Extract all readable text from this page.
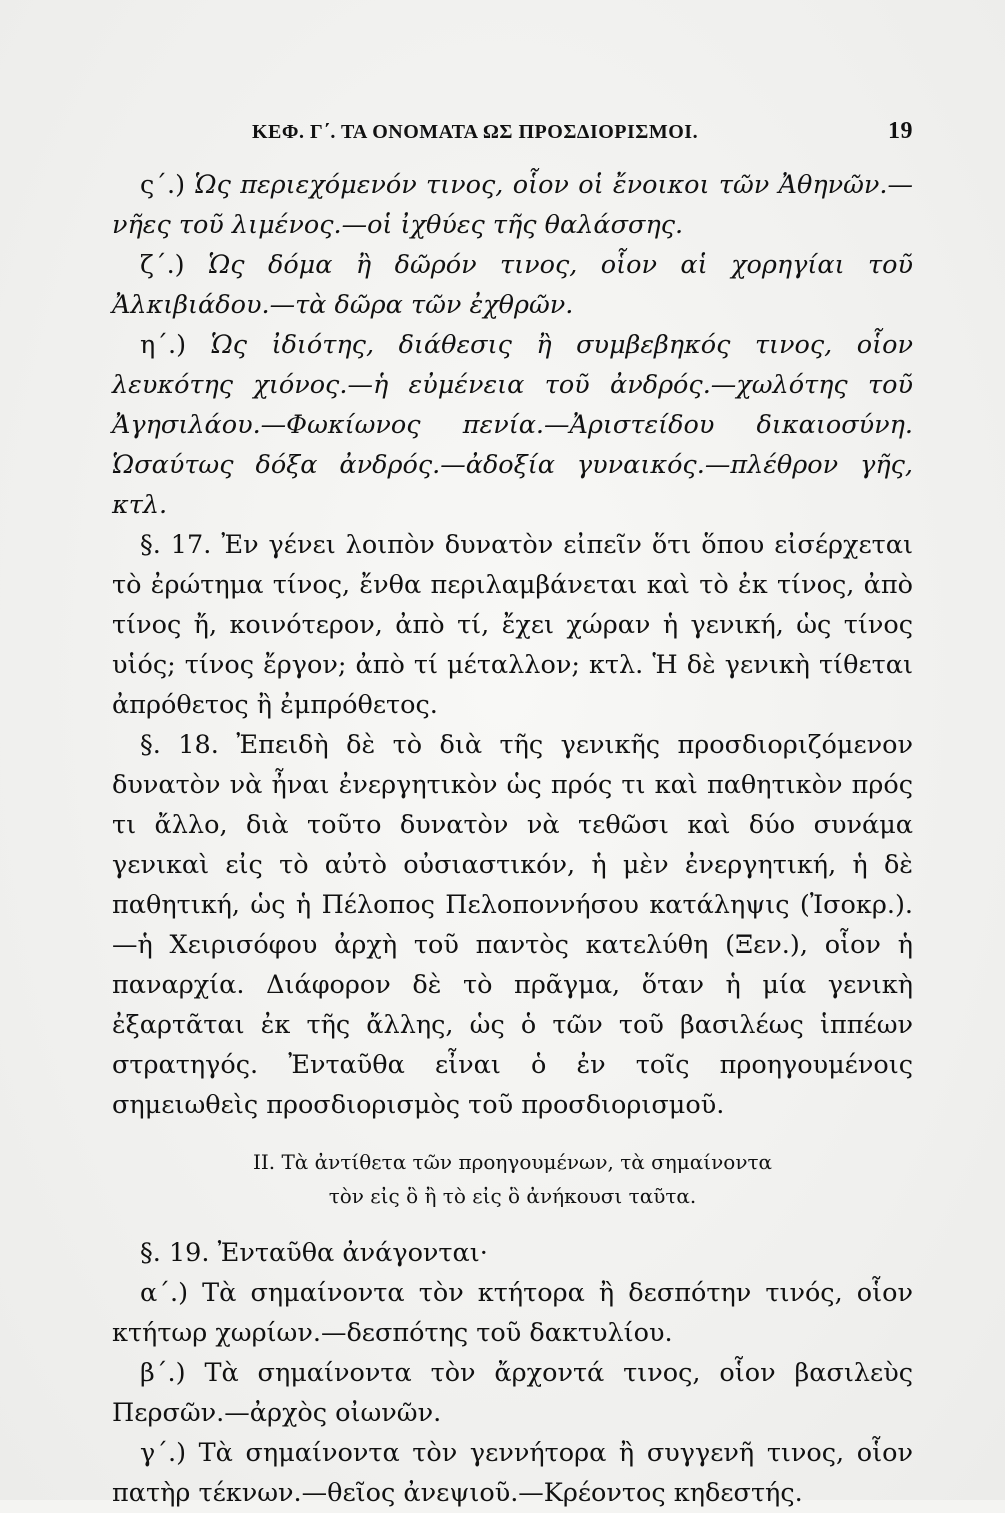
ΚΕΦ. Γ΄. ΤΑ ΟΝΟΜΑΤΑ ΩΣ ΠΡΟΣΔΙΟΡΙΣΜΟΙ.	19

ς΄.) Ὡς περιεχόμενόν τινος, οἷον οἱ ἔνοικοι τῶν Ἀθηνῶν.—νῆες τοῦ λιμένος.—οἱ ἰχθύες τῆς θαλάσσης.

ζ΄.) Ὡς δόμα ἢ δῶρόν τινος, οἷον αἱ χορηγίαι τοῦ Ἀλκιβιάδου.—τὰ δῶρα τῶν ἐχθρῶν.

η΄.) Ὡς ἰδιότης, διάθεσις ἢ συμβεβηκός τινος, οἷον λευκότης χιόνος.—ἡ εὐμένεια τοῦ ἀνδρός.—χωλότης τοῦ Ἀγησιλάου.—Φωκίωνος πενία.—Ἀριστείδου δικαιοσύνη. Ὡσαύτως δόξα ἀνδρός.—ἀδοξία γυναικός.—πλέθρον γῆς, κτλ.

§. 17. Ἐν γένει λοιπὸν δυνατὸν εἰπεῖν ὅτι ὅπου εἰσέρχεται τὸ ἐρώτημα τίνος, ἔνθα περιλαμβάνεται καὶ τὸ ἐκ τίνος, ἀπὸ τίνος ἤ, κοινότερον, ἀπὸ τί, ἔχει χώραν ἡ γενική, ὡς τίνος υἱός; τίνος ἔργον; ἀπὸ τί μέταλλον; κτλ. Ἡ δὲ γενικὴ τίθεται ἀπρόθετος ἢ ἐμπρόθετος.

§. 18. Ἐπειδὴ δὲ τὸ διὰ τῆς γενικῆς προσδιοριζόμενον δυνατὸν νὰ ἦναι ἐνεργητικὸν ὡς πρός τι καὶ παθητικὸν πρός τι ἄλλο, διὰ τοῦτο δυνατὸν νὰ τεθῶσι καὶ δύο συνάμα γενικαὶ εἰς τὸ αὐτὸ οὐσιαστικόν, ἡ μὲν ἐνεργητική, ἡ δὲ παθητική, ὡς ἡ Πέλοπος Πελοποννήσου κατάληψις (Ἰσοκρ.).—ἡ Χειρισόφου ἀρχὴ τοῦ παντὸς κατελύθη (Ξεν.), οἷον ἡ παναρχία. Διάφορον δὲ τὸ πρᾶγμα, ὅταν ἡ μία γενικὴ ἐξαρτᾶται ἐκ τῆς ἄλλης, ὡς ὁ τῶν τοῦ βασιλέως ἱππέων στρατηγός. Ἐνταῦθα εἶναι ὁ ἐν τοῖς προηγουμένοις σημειωθεὶς προσδιορισμὸς τοῦ προσδιορισμοῦ.

ΙΙ. Τὰ ἀντίθετα τῶν προηγουμένων, τὰ σημαίνοντα
τὸν εἰς ὃ ἢ τὸ εἰς ὃ ἀνήκουσι ταῦτα.

§. 19. Ἐνταῦθα ἀνάγονται·

α΄.) Τὰ σημαίνοντα τὸν κτήτορα ἢ δεσπότην τινός, οἷον κτήτωρ χωρίων.—δεσπότης τοῦ δακτυλίου.

β΄.) Τὰ σημαίνοντα τὸν ἄρχοντά τινος, οἷον βασιλεὺς Περσῶν.—ἀρχὸς οἰωνῶν.

γ΄.) Τὰ σημαίνοντα τὸν γεννήτορα ἢ συγγενῆ τινος, οἷον πατὴρ τέκνων.—θεῖος ἀνεψιοῦ.—Κρέοντος κηδεστής.
